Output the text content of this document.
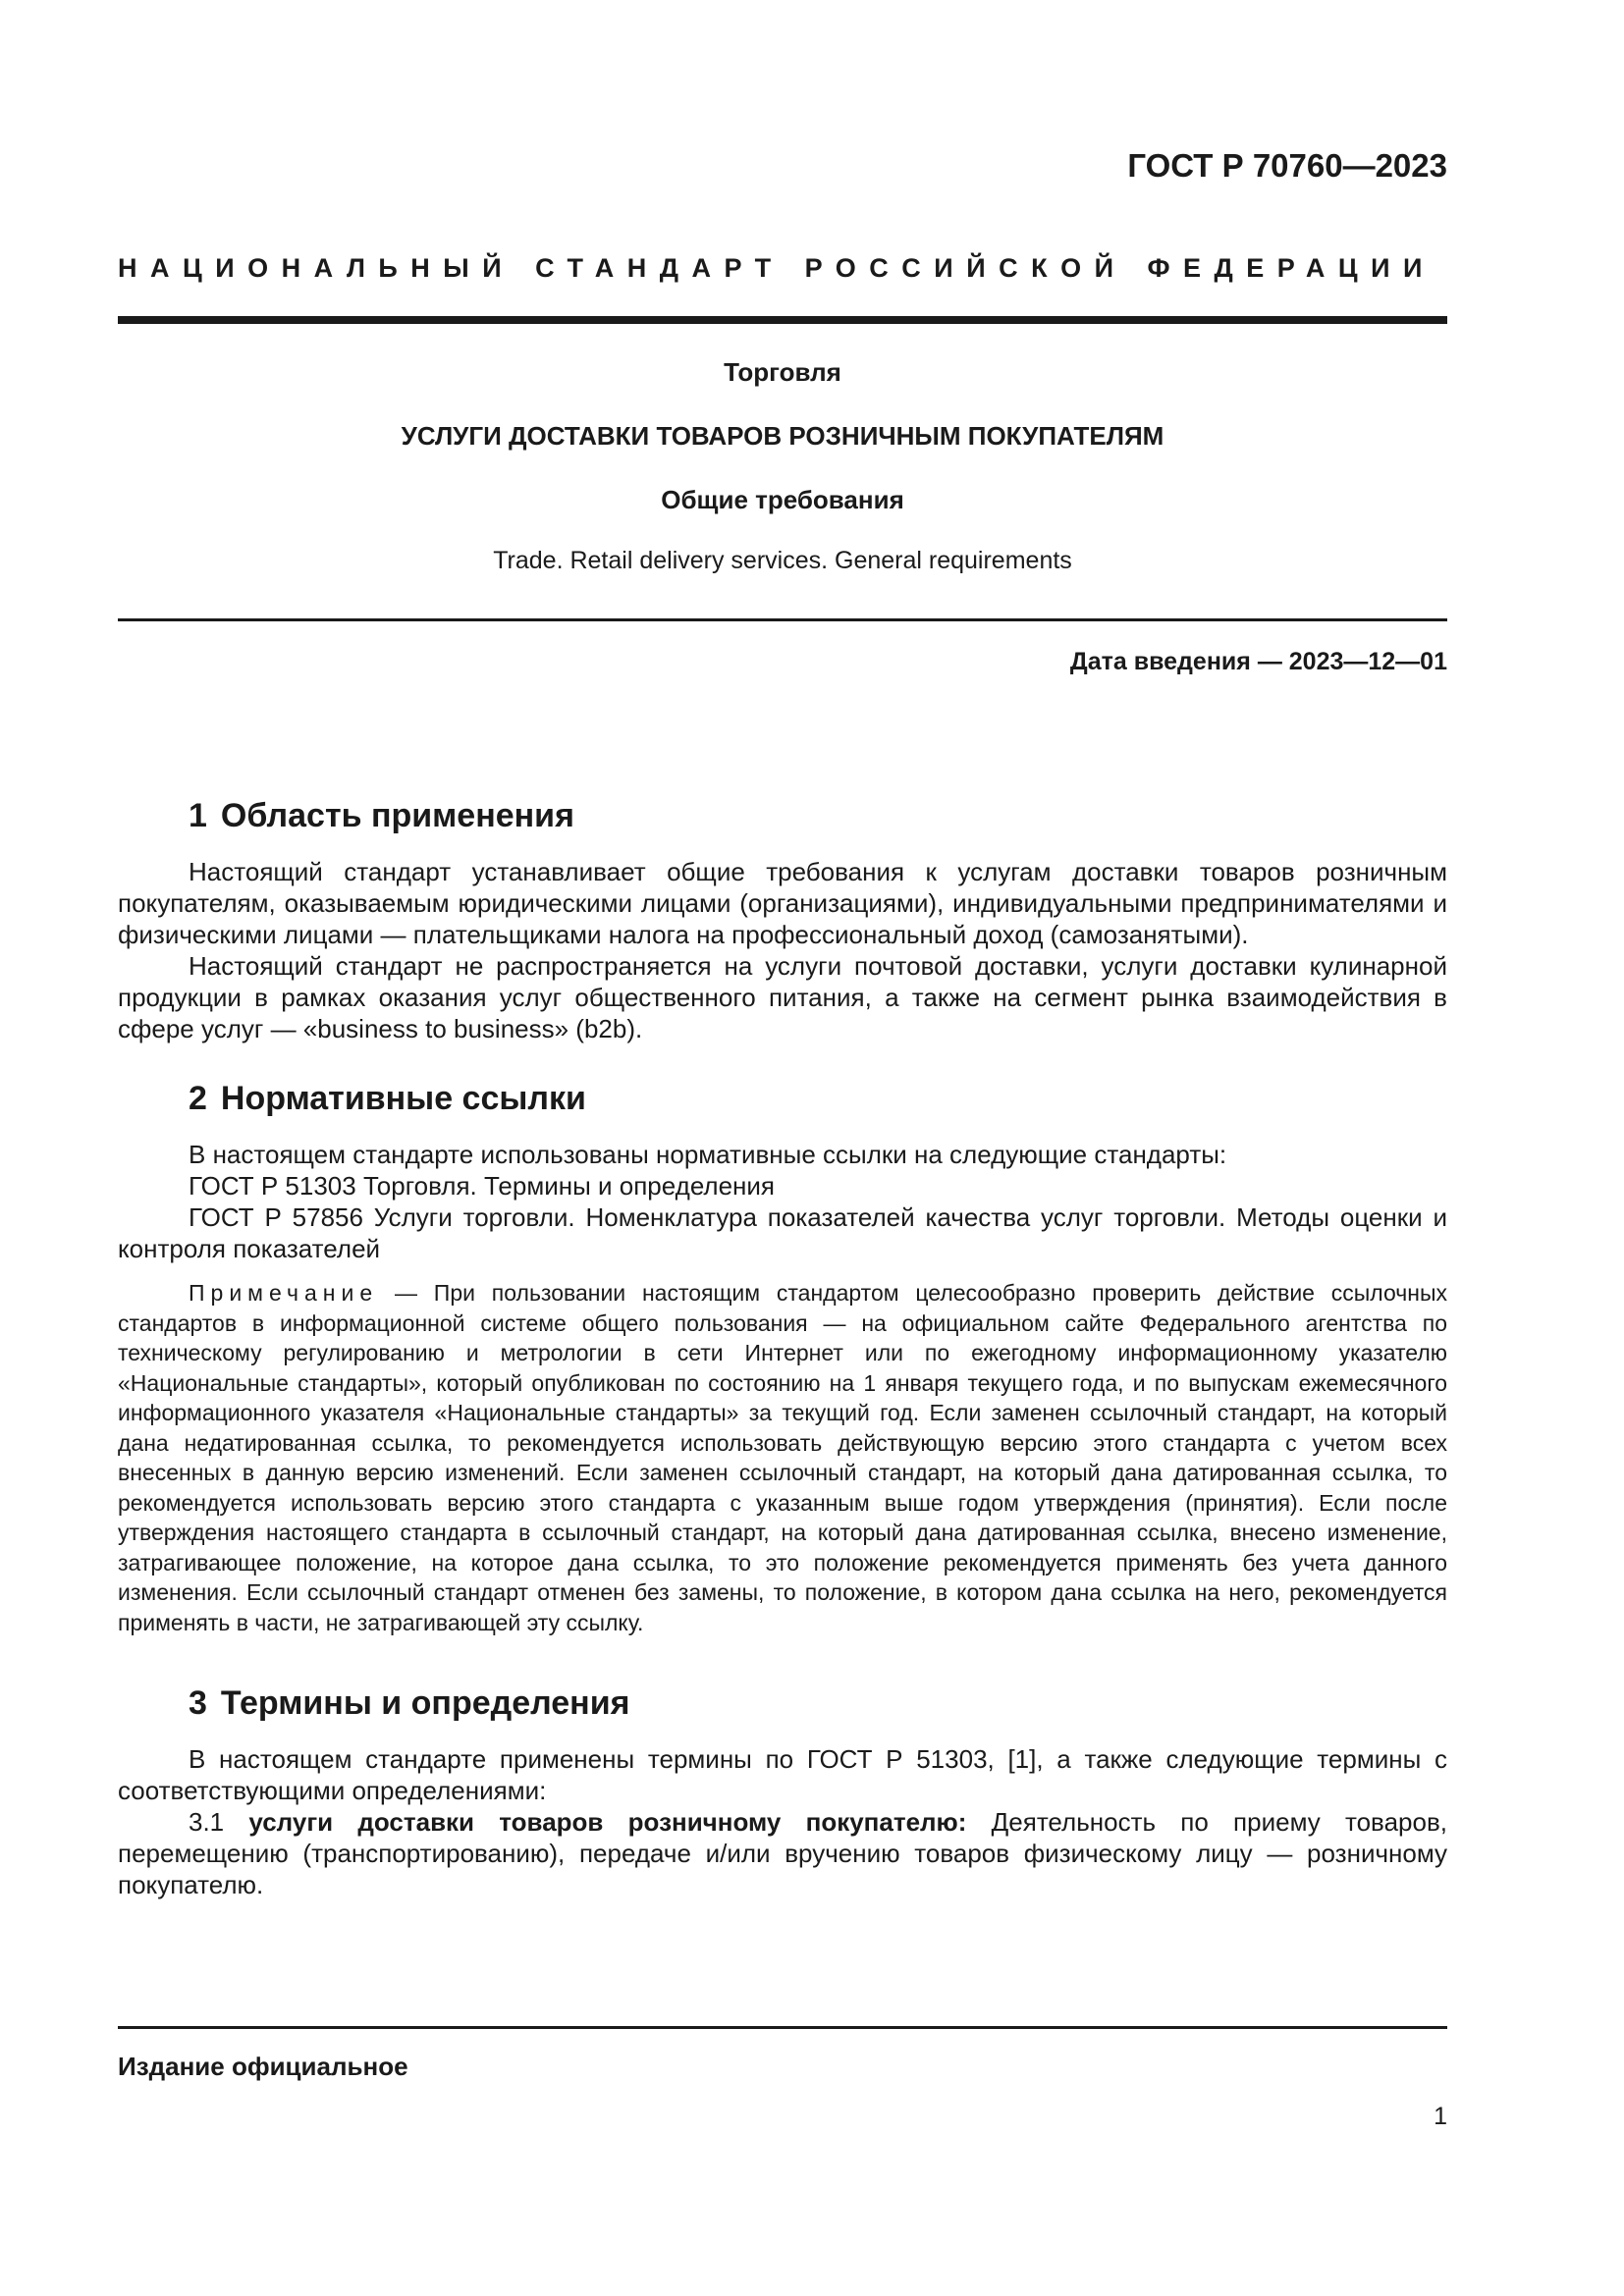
ГОСТ Р 70760—2023
НАЦИОНАЛЬНЫЙ СТАНДАРТ РОССИЙСКОЙ ФЕДЕРАЦИИ
Торговля
УСЛУГИ ДОСТАВКИ ТОВАРОВ РОЗНИЧНЫМ ПОКУПАТЕЛЯМ
Общие требования
Trade. Retail delivery services. General requirements
Дата введения — 2023—12—01
1 Область применения

Настоящий стандарт устанавливает общие требования к услугам доставки товаров розничным покупателям, оказываемым юридическими лицами (организациями), индивидуальными предпринимателями и физическими лицами — плательщиками налога на профессиональный доход (самозанятыми).

Настоящий стандарт не распространяется на услуги почтовой доставки, услуги доставки кулинарной продукции в рамках оказания услуг общественного питания, а также на сегмент рынка взаимодействия в сфере услуг — «business to business» (b2b).

2 Нормативные ссылки

В настоящем стандарте использованы нормативные ссылки на следующие стандарты:

ГОСТ Р 51303 Торговля. Термины и определения

ГОСТ Р 57856 Услуги торговли. Номенклатура показателей качества услуг торговли. Методы оценки и контроля показателей

Примечание — При пользовании настоящим стандартом целесообразно проверить действие ссылочных стандартов в информационной системе общего пользования — на официальном сайте Федерального агентства по техническому регулированию и метрологии в сети Интернет или по ежегодному информационному указателю «Национальные стандарты», который опубликован по состоянию на 1 января текущего года, и по выпускам ежемесячного информационного указателя «Национальные стандарты» за текущий год. Если заменен ссылочный стандарт, на который дана недатированная ссылка, то рекомендуется использовать действующую версию этого стандарта с учетом всех внесенных в данную версию изменений. Если заменен ссылочный стандарт, на который дана датированная ссылка, то рекомендуется использовать версию этого стандарта с указанным выше годом утверждения (принятия). Если после утверждения настоящего стандарта в ссылочный стандарт, на который дана датированная ссылка, внесено изменение, затрагивающее положение, на которое дана ссылка, то это положение рекомендуется применять без учета данного изменения. Если ссылочный стандарт отменен без замены, то положение, в котором дана ссылка на него, рекомендуется применять в части, не затрагивающей эту ссылку.

3 Термины и определения

В настоящем стандарте применены термины по ГОСТ Р 51303, [1], а также следующие термины с соответствующими определениями:

3.1 услуги доставки товаров розничному покупателю: Деятельность по приему товаров, перемещению (транспортированию), передаче и/или вручению товаров физическому лицу — розничному покупателю.

Издание официальное
1
